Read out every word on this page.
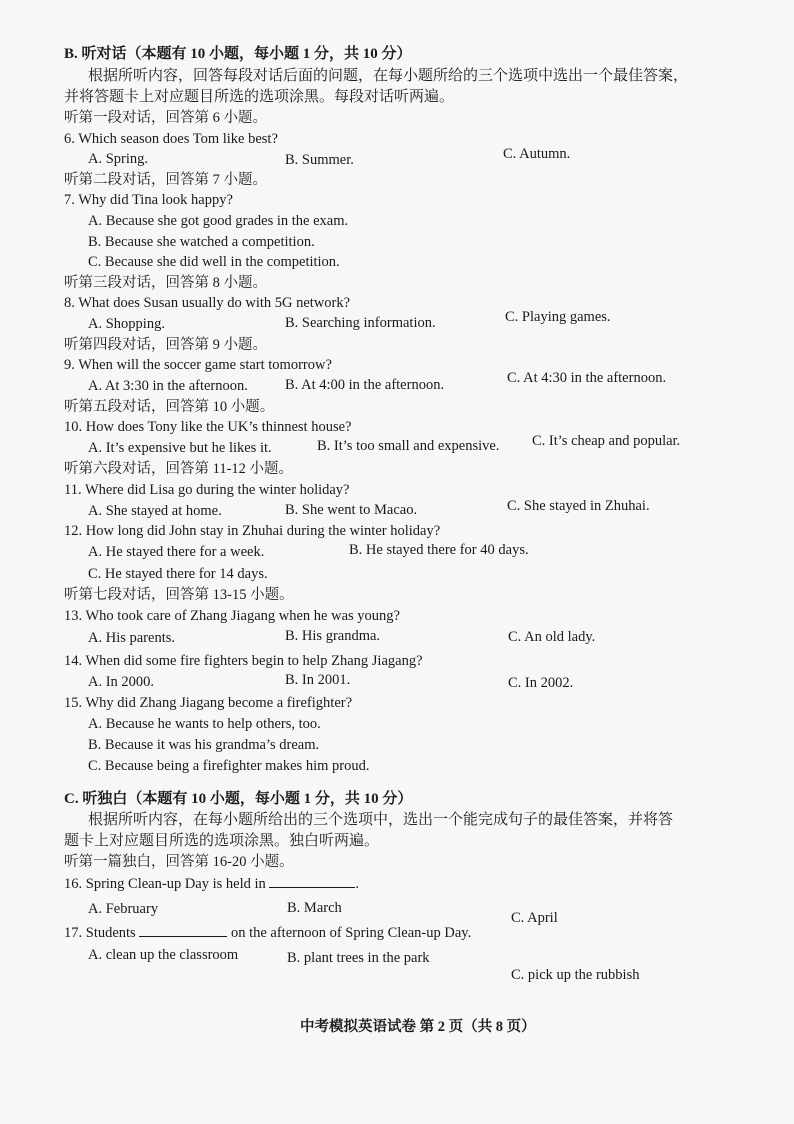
B. 听对话（本题有 10 小题，每小题 1 分，共 10 分）
根据所听内容，回答每段对话后面的问题，在每小题所给的三个选项中选出一个最佳答案，
并将答题卡上对应题目所选的选项涂黑。每段对话听两遍。
听第一段对话，回答第 6 小题。
6. Which season does Tom like best?
A. Spring.	B. Summer.	C. Autumn.
听第二段对话，回答第 7 小题。
7. Why did Tina look happy?
A. Because she got good grades in the exam.
B. Because she watched a competition.
C. Because she did well in the competition.
听第三段对话，回答第 8 小题。
8. What does Susan usually do with 5G network?
A. Shopping.	B. Searching information.	C. Playing games.
听第四段对话，回答第 9 小题。
9. When will the soccer game start tomorrow?
A. At 3:30 in the afternoon.	B. At 4:00 in the afternoon.	C. At 4:30 in the afternoon.
听第五段对话，回答第 10 小题。
10. How does Tony like the UK’s thinnest house?
A. It’s expensive but he likes it.	B. It’s too small and expensive. C. It’s cheap and popular.
听第六段对话，回答第 11-12 小题。
11. Where did Lisa go during the winter holiday?
A. She stayed at home.	B. She went to Macao.	C. She stayed in Zhuhai.
12. How long did John stay in Zhuhai during the winter holiday?
A. He stayed there for a week.	B. He stayed there for 40 days.
C. He stayed there for 14 days.
听第七段对话，回答第 13-15 小题。
13. Who took care of Zhang Jiagang when he was young?
A. His parents.	B. His grandma.	C. An old lady.
14. When did some fire fighters begin to help Zhang Jiagang?
A. In 2000.	B. In 2001.	C. In 2002.
15. Why did Zhang Jiagang become a firefighter?
A. Because he wants to help others, too.
B. Because it was his grandma’s dream.
C. Because being a firefighter makes him proud.
C. 听独白（本题有 10 小题，每小题 1 分，共 10 分）
根据所听内容，在每小题所给出的三个选项中，选出一个能完成句子的最佳答案，并将答
题卡上对应题目所选的选项涂黑。独白听两遍。
听第一篇独白，回答第 16-20 小题。
16. Spring Clean-up Day is held in	.
A. February	B. March
C. April
17. Students	on the afternoon of Spring Clean-up Day.
A. clean up the classroom	B. plant trees in the park
C. pick up the rubbish
中考模拟英语试卷 第 2 页（共 8 页）
